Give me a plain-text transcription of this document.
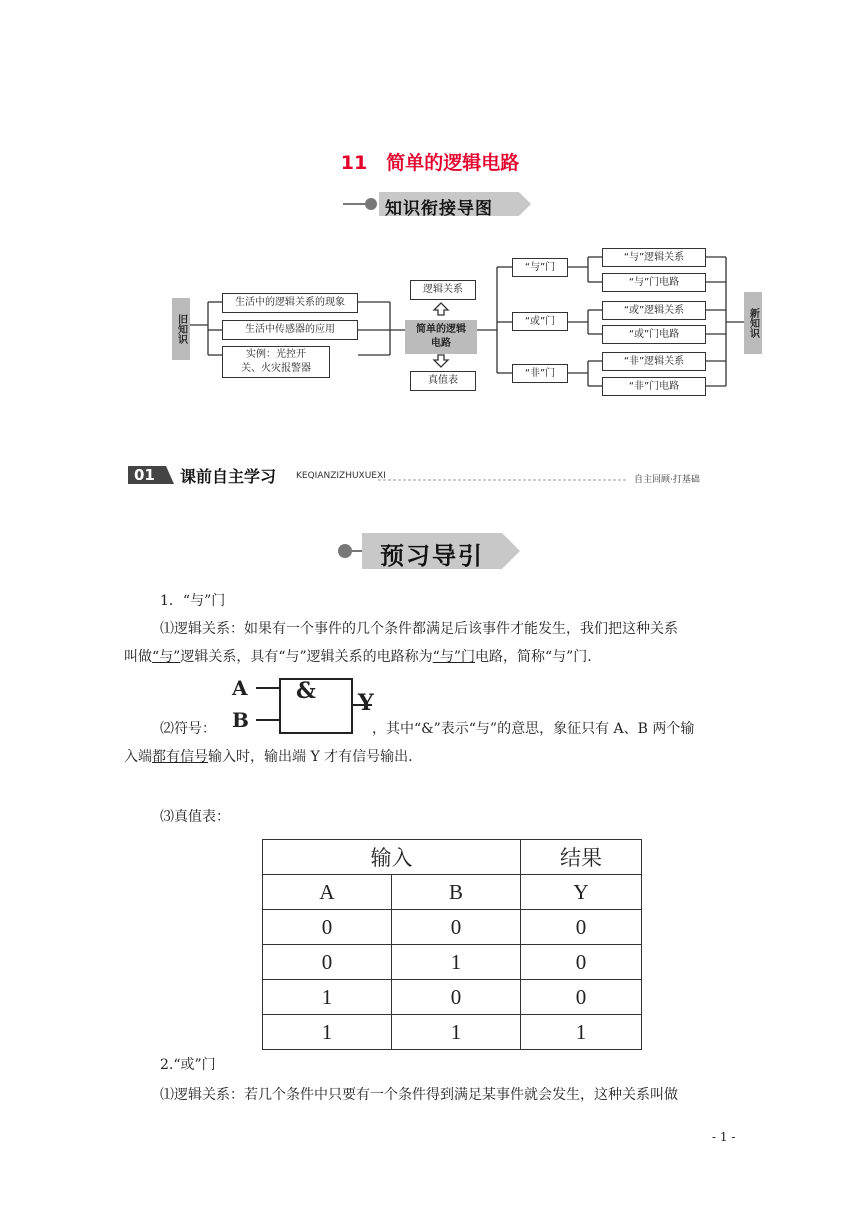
11　简单的逻辑电路
知识衔接导图
旧知识
生活中的逻辑关系的现象
生活中传感器的应用
实例：光控开关、火灾报警器
逻辑关系
简单的逻辑电路
真值表
“与”门
“或”门
“非”门
“与”逻辑关系
“与”门电路
“或”逻辑关系
“或”门电路
“非”逻辑关系
“非”门电路
新知识
01 课前自主学习 KEQIANZIZHUXUEXI	自主回顾·打基础
预习导引
1．“与”门
⑴逻辑关系：如果有一个事件的几个条件都满足后该事件才能发生，我们把这种关系
叫做“与”逻辑关系，具有“与”逻辑关系的电路称为“与”门电路，简称“与”门.
A
B
& Y
⑵符号：	，其中“&”表示“与”的意思，象征只有 A、B 两个输
入端都有信号输入时，输出端 Y 才有信号输出.
⑶真值表：
输入		结果
A	B	Y
0	0	0
0	1	0
1	0	0
1	1	1
2.“或”门
⑴逻辑关系：若几个条件中只要有一个条件得到满足某事件就会发生，这种关系叫做
- 1 -
